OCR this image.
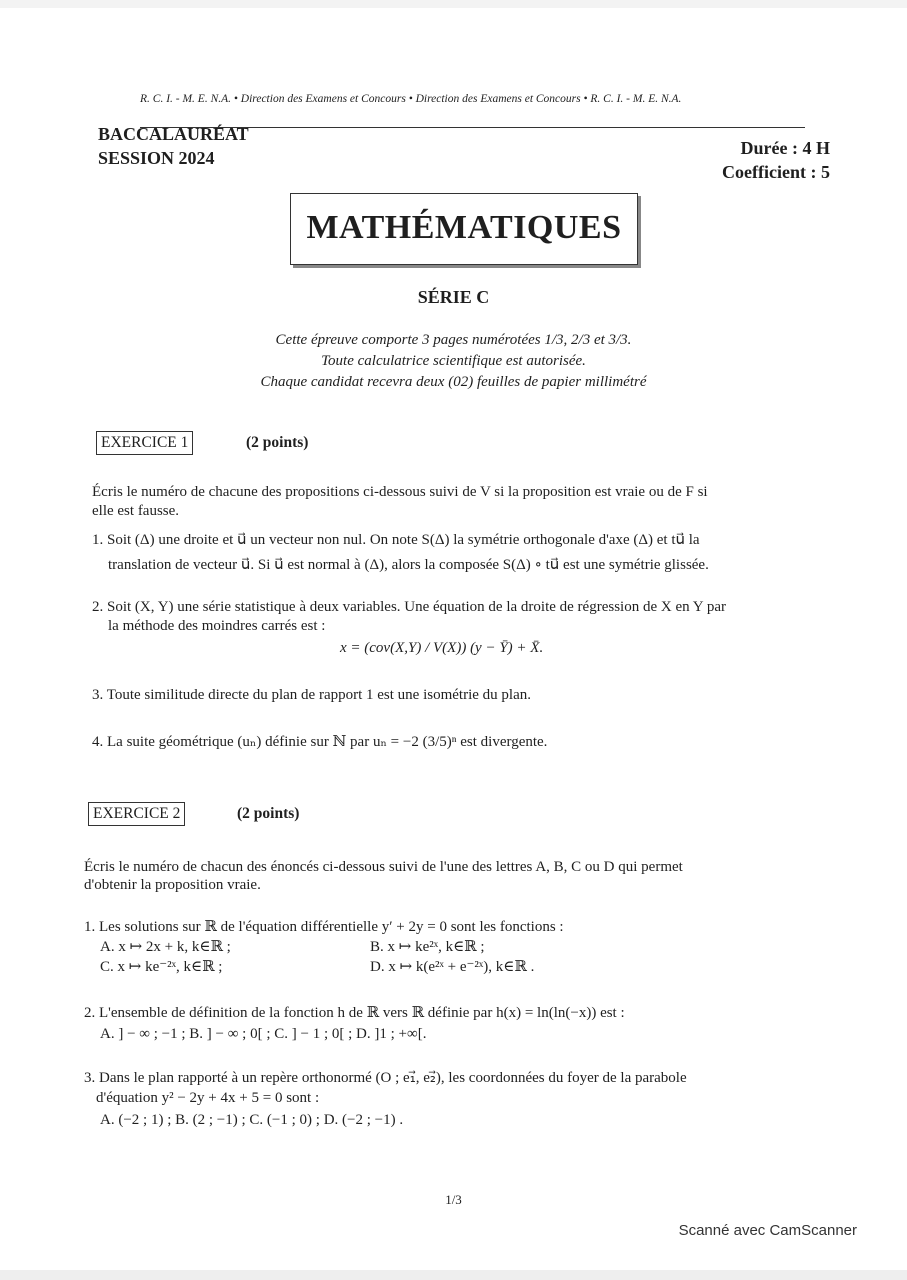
R. C. I. - M. E. N.A. • Direction des Examens et Concours • Direction des Examens et Concours • R. C. I. - M. E. N.A.
BACCALAURÉAT
SESSION 2024	Durée : 4 H
Coefficient : 5
MATHÉMATIQUES
SÉRIE C
Cette épreuve comporte 3 pages numérotées 1/3, 2/3 et 3/3.
Toute calculatrice scientifique est autorisée.
Chaque candidat recevra deux (02) feuilles de papier millimétré
EXERCICE 1	(2 points)
Écris le numéro de chacune des propositions ci-dessous suivi de V si la proposition est vraie ou de F si
elle est fausse.
1. Soit (Δ) une droite et u⃗ un vecteur non nul. On note S(Δ) la symétrie orthogonale d'axe (Δ) et tu⃗ la
translation de vecteur u⃗. Si u⃗ est normal à (Δ), alors la composée S(Δ) ∘ tu⃗ est une symétrie glissée.
2. Soit (X, Y) une série statistique à deux variables. Une équation de la droite de régression de X en Y par
la méthode des moindres carrés est :
x = (cov(X,Y) / V(X)) (y − Ȳ) + X̄.
3. Toute similitude directe du plan de rapport 1 est une isométrie du plan.
4. La suite géométrique (uₙ) définie sur ℕ par uₙ = −2 (3/5)ⁿ est divergente.
EXERCICE 2	(2 points)
Écris le numéro de chacun des énoncés ci-dessous suivi de l'une des lettres A, B, C ou D qui permet
d'obtenir la proposition vraie.
1. Les solutions sur ℝ de l'équation différentielle y′ + 2y = 0 sont les fonctions :
A. x ↦ 2x + k, k∈ℝ ;	B. x ↦ ke²ˣ, k∈ℝ ;
C. x ↦ ke⁻²ˣ, k∈ℝ ;	D. x ↦ k(e²ˣ + e⁻²ˣ), k∈ℝ .
2. L'ensemble de définition de la fonction h de ℝ vers ℝ définie par h(x) = ln(ln(−x)) est :
A. ] − ∞ ; −1 ; B. ] − ∞ ; 0[ ; C. ] − 1 ; 0[ ; D. ]1 ; +∞[.
3. Dans le plan rapporté à un repère orthonormé (O ; e₁⃗, e₂⃗), les coordonnées du foyer de la parabole
d'équation y² − 2y + 4x + 5 = 0 sont :
A. (−2 ; 1) ; B. (2 ; −1) ; C. (−1 ; 0) ; D. (−2 ; −1) .
1/3
Scanné avec CamScanner
